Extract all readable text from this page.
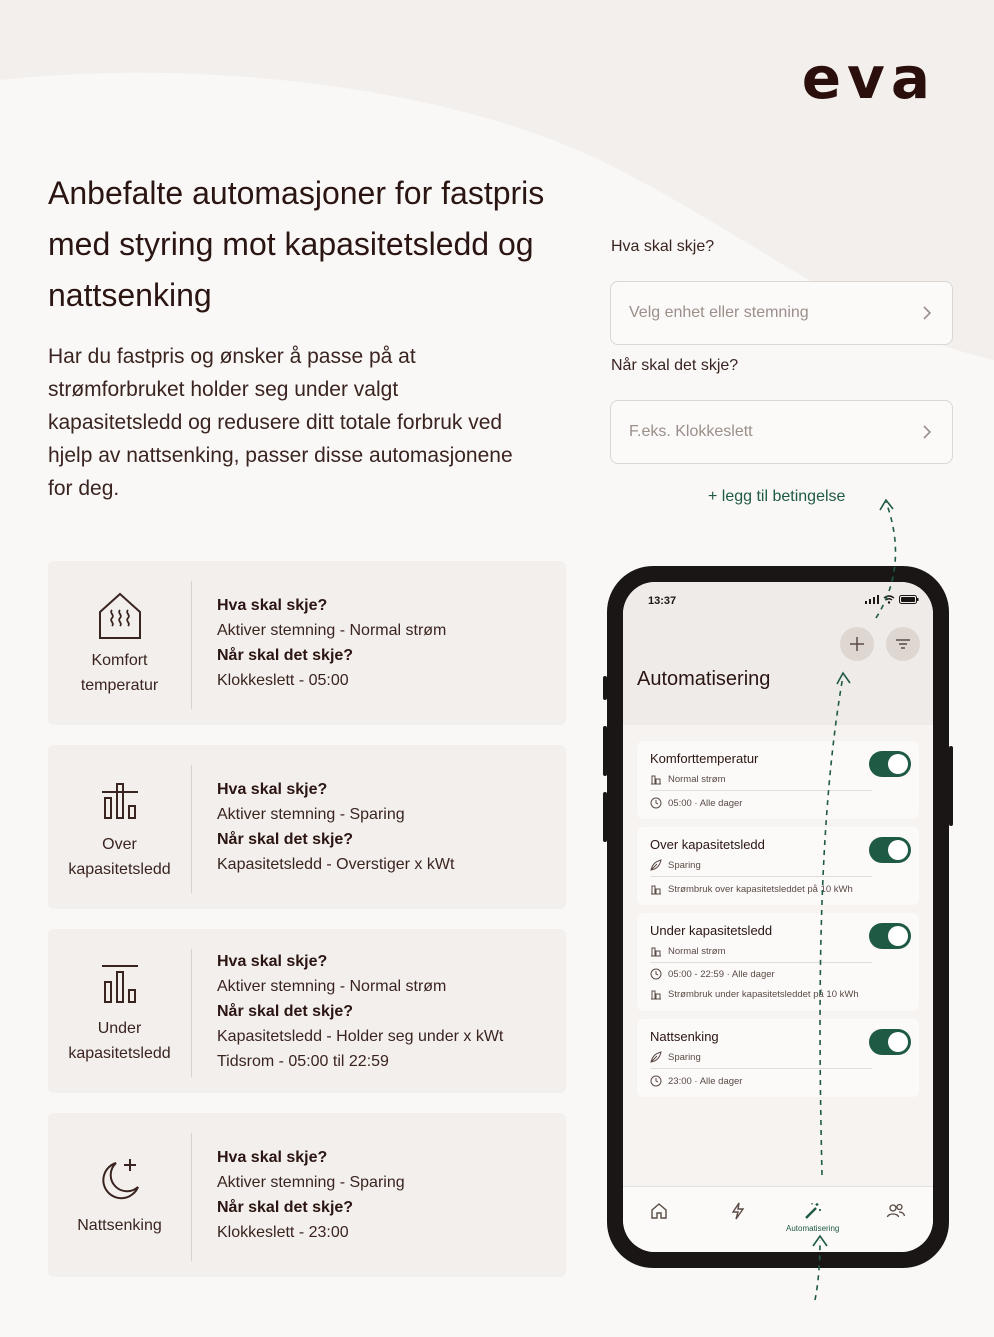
eva
Anbefalte automasjoner for fastpris med styring mot kapasitetsledd og nattsenking

Har du fastpris og ønsker å passe på at strømforbruket holder seg under valgt kapasitetsledd og redusere ditt totale forbruk ved hjelp av nattsenking, passer disse automasjonene for deg.

Hva skal skje?
Velg enhet eller stemning
Når skal det skje?
F.eks. Klokkeslett
+ legg til betingelse
Komfort
temperatur
Hva skal skje?
Aktiver stemning - Normal strøm
Når skal det skje?
Klokkeslett - 05:00
Over
kapasitetsledd
Hva skal skje?
Aktiver stemning - Sparing
Når skal det skje?
Kapasitetsledd - Overstiger x kWt
Under
kapasitetsledd
Hva skal skje?
Aktiver stemning - Normal strøm
Når skal det skje?
Kapasitetsledd - Holder seg under x kWt
Tidsrom - 05:00 til 22:59
Nattsenking
Hva skal skje?
Aktiver stemning - Sparing
Når skal det skje?
Klokkeslett - 23:00
13:37
Automatisering
Komforttemperatur
Normal strøm
05:00 · Alle dager
Over kapasitetsledd
Sparing
Strømbruk over kapasitetsleddet på 10 kWh
Under kapasitetsledd
Normal strøm
05:00 - 22:59 · Alle dager
Strømbruk under kapasitetsleddet på 10 kWh
Nattsenking
Sparing
23:00 · Alle dager
Automatisering
